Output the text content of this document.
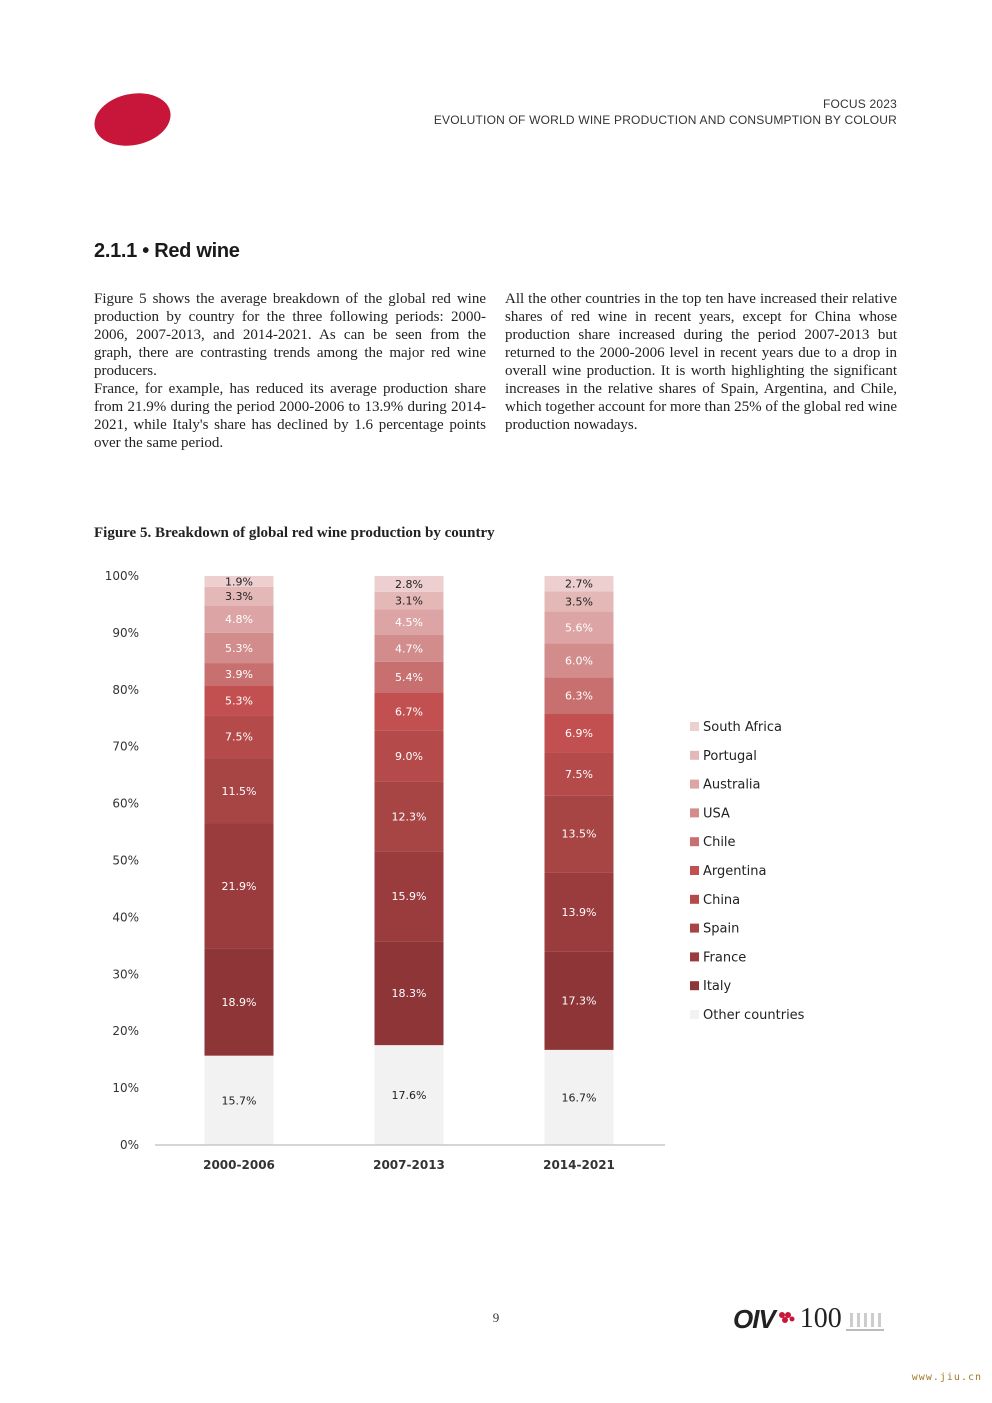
FOCUS 2023
EVOLUTION OF WORLD WINE PRODUCTION AND CONSUMPTION BY COLOUR
2.1.1 • Red wine

Figure 5 shows the average breakdown of the global red wine production by country for the three following periods: 2000-2006, 2007-2013, and 2014-2021. As can be seen from the graph, there are contrasting trends among the major red wine producers.

France, for example, has reduced its average production share from 21.9% during the period 2000-2006 to 13.9% during 2014-2021, while Italy's share has declined by 1.6 percentage points over the same period.

All the other countries in the top ten have increased their relative shares of red wine in recent years, except for China whose production share increased during the period 2007-2013 but returned to the 2000-2006 level in recent years due to a drop in overall wine production. It is worth highlighting the significant increases in the relative shares of Spain, Argentina, and Chile, which together account for more than 25% of the global red wine production nowadays.

Figure 5. Breakdown of global red wine production by country
0%
10%
20%
30%
40%
50%
60%
70%
80%
90%
100%
15.7%
18.9%
21.9%
11.5%
7.5%
5.3%
3.9%
5.3%
4.8%
3.3%
1.9%
2000-2006
17.6%
18.3%
15.9%
12.3%
9.0%
6.7%
5.4%
4.7%
4.5%
3.1%
2.8%
2007-2013
16.7%
17.3%
13.9%
13.5%
7.5%
6.9%
6.3%
6.0%
5.6%
3.5%
2.7%
2014-2021
South Africa
Portugal
Australia
USA
Chile
Argentina
China
Spain
France
Italy
Other countries
9	OIV 100
www.jiu.cn
